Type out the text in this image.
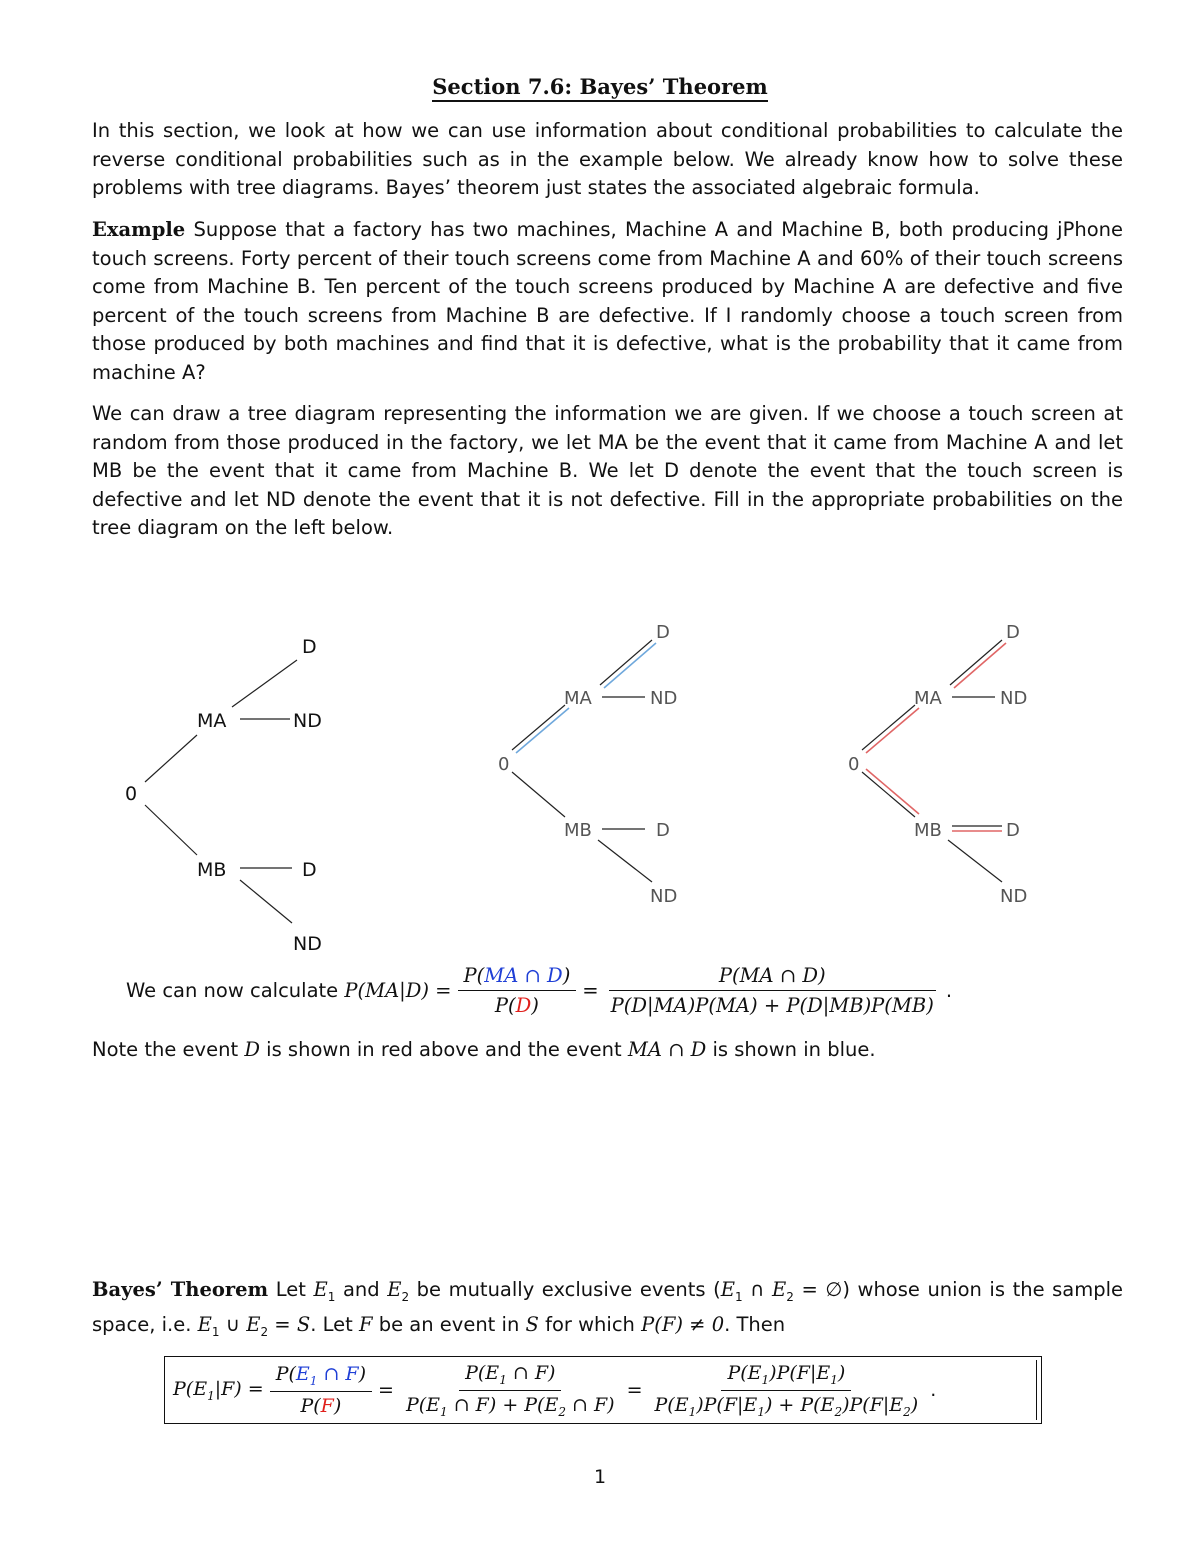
Section 7.6: Bayes’ Theorem

In this section, we look at how we can use information about conditional probabilities to calculate the reverse conditional probabilities such as in the example below. We already know how to solve these problems with tree diagrams. Bayes’ theorem just states the associated algebraic formula.

Example Suppose that a factory has two machines, Machine A and Machine B, both producing jPhone touch screens. Forty percent of their touch screens come from Machine A and 60% of their touch screens come from Machine B. Ten percent of the touch screens produced by Machine A are defective and five percent of the touch screens from Machine B are defective. If I randomly choose a touch screen from those produced by both machines and find that it is defective, what is the probability that it came from machine A?

We can draw a tree diagram representing the information we are given. If we choose a touch screen at random from those produced in the factory, we let MA be the event that it came from Machine A and let MB be the event that it came from Machine B. We let D denote the event that the touch screen is defective and let ND denote the event that it is not defective. Fill in the appropriate probabilities on the tree diagram on the left below.

0
MA
MB
D
ND
D
ND
0
MA
MB
D
ND
D
ND
0
MA
MB
D
ND
D
ND
We can now calculate
$P(MA|D) = \frac{P(MA \cap D)}{P(D)} = \frac{P(MA \cap D)}{P(D|MA)P(MA) + P(D|MB)P(MB)}$ .
Note the event
D
is shown in red above and the event
MA ∩ D
is shown in blue.

Bayes’ Theorem Let $E_1$ and $E_2$ be mutually exclusive events ($E_1$ ∩ $E_2$ = ∅) whose union is the sample space, i.e. $E_1$ ∪ $E_2 = S$. Let F be an event in S for which P(F) ≠ 0. Then

$P(E_1|F) = \frac{P(E_1 \cap F)}{P(F)} = \frac{P(E_1 \cap F)}{P(E_1 \cap F) + P(E_2 \cap F)} = \frac{P(E_1)P(F|E_1)}{P(E_1)P(F|E_1) + P(E_2)P(F|E_2)}$ .
1
